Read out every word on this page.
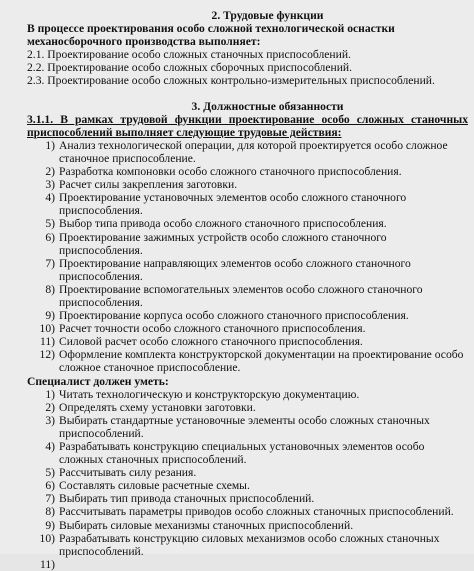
2. Трудовые функции
В процессе проектирования особо сложной технологической оснастки механосборочного производства выполняет:
2.1. Проектирование особо сложных станочных приспособлений.
2.2. Проектирование особо сложных сборочных приспособлений.
2.3. Проектирование особо сложных контрольно-измерительных приспособлений.
3. Должностные обязанности
3.1.1. В рамках трудовой функции проектирование особо сложных станочных приспособлений выполняет следующие трудовые действия:
1) Анализ технологической операции, для которой проектируется особо сложное станочное приспособление.
2) Разработка компоновки особо сложного станочного приспособления.
3) Расчет силы закрепления заготовки.
4) Проектирование установочных элементов особо сложного станочного приспособления.
5) Выбор типа привода особо сложного станочного приспособления.
6) Проектирование зажимных устройств особо сложного станочного приспособления.
7) Проектирование направляющих элементов особо сложного станочного приспособления.
8) Проектирование вспомогательных элементов особо сложного станочного приспособления.
9) Проектирование корпуса особо сложного станочного приспособления.
10) Расчет точности особо сложного станочного приспособления.
11) Силовой расчет особо сложного станочного приспособления.
12) Оформление комплекта конструкторской документации на проектирование особо сложное станочное приспособление.
Специалист должен уметь:
1) Читать технологическую и конструкторскую документацию.
2) Определять схему установки заготовки.
3) Выбирать стандартные установочные элементы особо сложных станочных приспособлений.
4) Разрабатывать конструкцию специальных установочных элементов особо сложных станочных приспособлений.
5) Рассчитывать силу резания.
6) Составлять силовые расчетные схемы.
7) Выбирать тип привода станочных приспособлений.
8) Рассчитывать параметры приводов особо сложных станочных приспособлений.
9) Выбирать силовые механизмы станочных приспособлений.
10) Разрабатывать конструкцию силовых механизмов особо сложных станочных приспособлений.
11)
